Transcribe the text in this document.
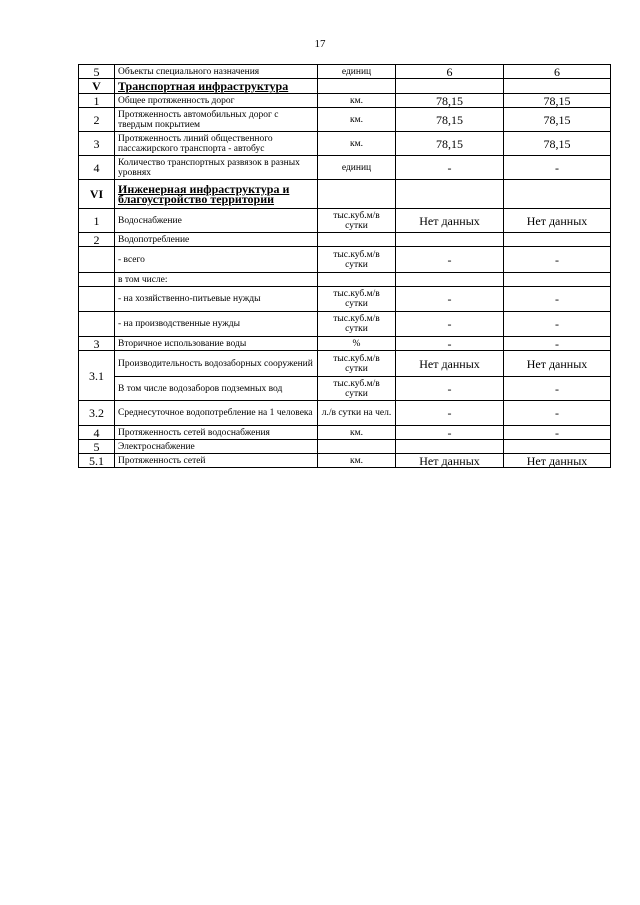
17
5	Объекты специального назначения	единиц	6	6
V	Транспортная инфраструктура			
1	Общее протяженность дорог	км.	78,15	78,15
2	Протяженность автомобильных дорог с твердым покрытием	км.	78,15	78,15
3	Протяженность линий общественного пассажирского транспорта - автобус	км.	78,15	78,15
4	Количество транспортных развязок в разных уровнях	единиц	-	-
VI	Инженерная инфраструктура и благоустройство территории			
1	Водоснабжение	тыс.куб.м/в сутки	Нет данных	Нет данных
2	Водопотребление			
	- всего	тыс.куб.м/в сутки	-	-
	в том числе:			
	- на хозяйственно-питьевые нужды	тыс.куб.м/в сутки	-	-
	- на производственные нужды	тыс.куб.м/в сутки	-	-
3	Вторичное использование воды	%	-	-
3.1	Производительность водозаборных сооружений	тыс.куб.м/в сутки	Нет данных	Нет данных
	В том числе водозаборов подземных вод	тыс.куб.м/в сутки	-	-
3.2	Среднесуточное водопотребление на 1 человека	л./в сутки на чел.	-	-
4	Протяженность сетей водоснабжения	км.	-	-
5	Электроснабжение			
5.1	Протяженность сетей	км.	Нет данных	Нет данных
